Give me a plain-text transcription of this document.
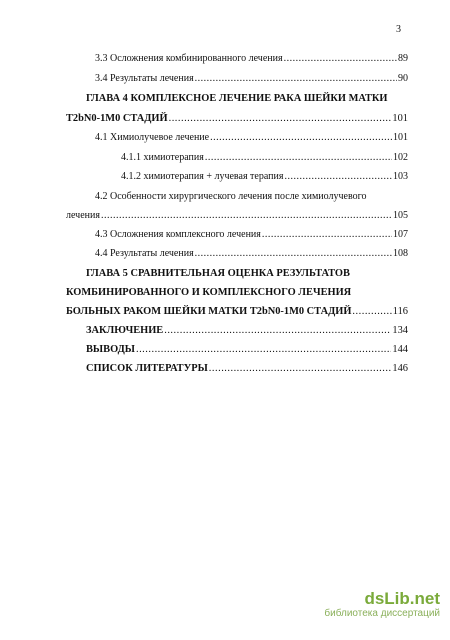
3
3.3 Осложнения комбинированного лечения .....	89
3.4 Результаты лечения .....	90
ГЛАВА 4 КОМПЛЕКСНОЕ ЛЕЧЕНИЕ РАКА ШЕЙКИ МАТКИ
T2bN0-1M0 СТАДИЙ .....	101
4.1 Химиолучевое лечение .....	101
4.1.1 химиотерапия .....	102
4.1.2 химиотерапия + лучевая терапия .....	103
4.2 Особенности хирургического лечения после химиолучевого
лечения .....	105
4.3 Осложнения комплексного лечения .....	107
4.4 Результаты лечения .....	108
ГЛАВА 5 СРАВНИТЕЛЬНАЯ ОЦЕНКА РЕЗУЛЬТАТОВ
КОМБИНИРОВАННОГО И КОМПЛЕКСНОГО ЛЕЧЕНИЯ
БОЛЬНЫХ РАКОМ ШЕЙКИ МАТКИ T2bN0-1M0 СТАДИЙ .....	116
ЗАКЛЮЧЕНИЕ .....	134
ВЫВОДЫ .....	144
СПИСОК ЛИТЕРАТУРЫ .....	146
dsLib.net
библиотека диссертаций
